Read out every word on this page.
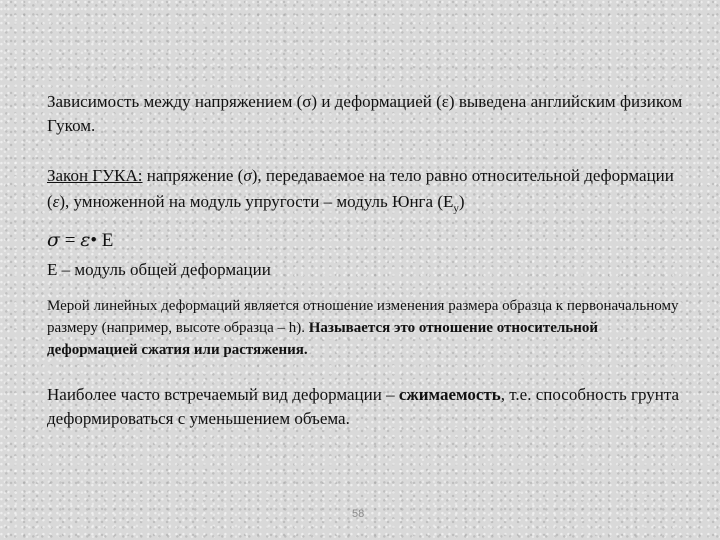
Зависимость между напряжением (σ) и деформацией (ε) выведена английским физиком Гуком.
Закон ГУКА: напряжение (σ), передаваемое на тело равно относительной деформации (ε), умноженной на модуль упругости – модуль Юнга $(E_y)$
σ = ε• E
E – модуль общей деформации
Мерой линейных деформаций является отношение изменения размера образца к первоначальному размеру (например, высоте образца – h). Называется это отношение относительной деформацией сжатия или растяжения.
Наиболее часто встречаемый вид деформации – сжимаемость, т.е. способность грунта деформироваться с уменьшением объема.
58
